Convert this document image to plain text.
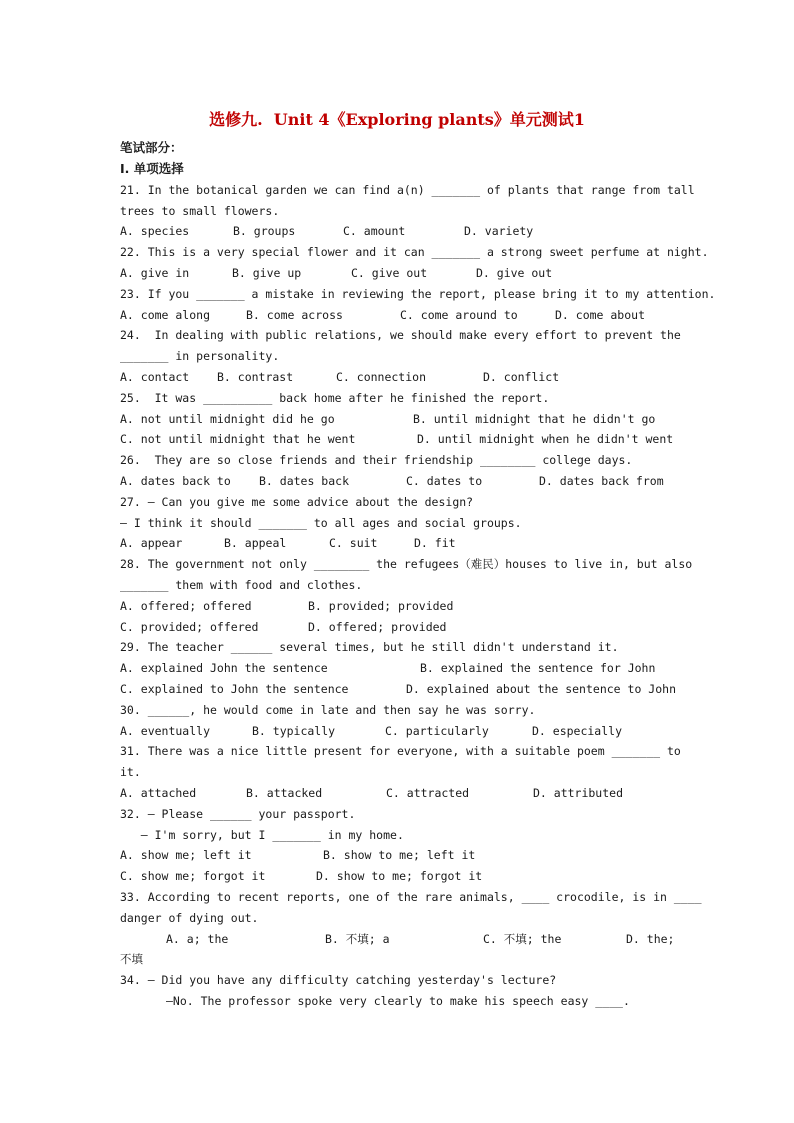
选修九.  Unit 4《Exploring plants》单元测试1
笔试部分：
I. 单项选择
21. In the botanical garden we can find a(n) _______ of plants that range from tall
trees to small flowers.
A. species	B. groups	C. amount	D. variety
22. This is a very special flower and it can _______ a strong sweet perfume at night.
A. give in	B. give up	C. give out	D. give out
23. If you _______ a mistake in reviewing the report, please bring it to my attention.
A. come along	B. come across	C. come around to	D. come about
24.  In dealing with public relations, we should make every effort to prevent the
_______ in personality.
A. contact	B. contrast	C. connection	D. conflict
25.  It was __________ back home after he finished the report.
A. not until midnight did he go	B. until midnight that he didn't go
C. not until midnight that he went	D. until midnight when he didn't went
26.  They are so close friends and their friendship ________ college days.
A. dates back to	B. dates back	C. dates to	D. dates back from
27. — Can you give me some advice about the design?
— I think it should _______ to all ages and social groups.
A. appear	B. appeal	C. suit	D. fit
28. The government not only ________ the refugees（难民）houses to live in, but also
_______ them with food and clothes.
A. offered; offered	B. provided; provided
C. provided; offered	D. offered; provided
29. The teacher ______ several times, but he still didn't understand it.
A. explained John the sentence	B. explained the sentence for John
C. explained to John the sentence	D. explained about the sentence to John
30. ______, he would come in late and then say he was sorry.
A. eventually	B. typically	C. particularly	D. especially
31. There was a nice little present for everyone, with a suitable poem _______ to
it.
A. attached	B. attacked	C. attracted	D. attributed
32. — Please ______ your passport.
— I'm sorry, but I _______ in my home.
A. show me; left it	B. show to me; left it
C. show me; forgot it	D. show to me; forgot it
33. According to recent reports, one of the rare animals, ____ crocodile, is in ____
danger of dying out.
A. a; the	B. 不填; a	C. 不填; the	D. the;
不填
34. — Did you have any difficulty catching yesterday's lecture?
—No. The professor spoke very clearly to make his speech easy ____.
